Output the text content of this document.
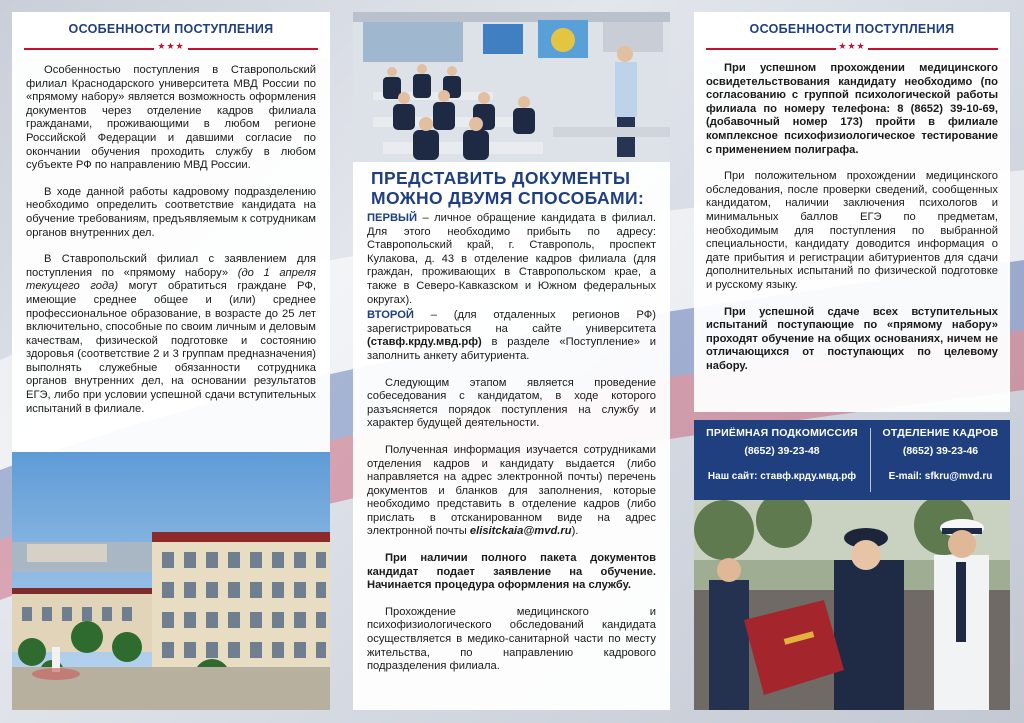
ОСОБЕННОСТИ ПОСТУПЛЕНИЯ
★★★

Особенностью поступления в Ставропольский филиал Краснодарского университета МВД России по «прямому набору» является возможность оформления документов через отделение кадров филиала гражданами, проживающими в любом регионе Российской Федерации и давшими согласие по окончании обучения проходить службу в любом субъекте РФ по направлению МВД России.

В ходе данной работы кадровому подразделению необходимо определить соответствие кандидата на обучение требованиям, предъявляемым к сотрудникам органов внутренних дел.

В Ставропольский филиал с заявлением для поступления по «прямому набору» (до 1 апреля текущего года) могут обратиться граждане РФ, имеющие среднее общее и (или) среднее профессиональное образование, в возрасте до 25 лет включительно, способные по своим личным и деловым качествам, физической подготовке и состоянию здоровья (соответствие 2 и 3 группам предназначения) выполнять служебные обязанности сотрудника органов внутренних дел, на основании результатов ЕГЭ, либо при условии успешной сдачи вступительных испытаний в филиале.

ПРЕДСТАВИТЬ ДОКУМЕНТЫ
МОЖНО ДВУМЯ СПОСОБАМИ:

ПЕРВЫЙ – личное обращение кандидата в филиал. Для этого необходимо прибыть по адресу: Ставропольский край, г. Ставрополь, проспект Кулакова, д. 43 в отделение кадров филиала (для граждан, проживающих в Ставропольском крае, а также в Северо-Кавказском и Южном федеральных округах).

ВТОРОЙ – (для отдаленных регионов РФ) зарегистрироваться на сайте университета (ставф.крду.мвд.рф) в разделе «Поступление» и заполнить анкету абитуриента.

Следующим этапом является проведение собеседования с кандидатом, в ходе которого разъясняется порядок поступления на службу и характер будущей деятельности.

Полученная информация изучается сотрудниками отделения кадров и кандидату выдается (либо направляется на адрес электронной почты) перечень документов и бланков для заполнения, которые необходимо представить в отделение кадров (либо прислать в отсканированном виде на адрес электронной почты elisitckaia@mvd.ru).

При наличии полного пакета документов кандидат подает заявление на обучение. Начинается процедура оформления на службу.

Прохождение медицинского и психофизиологического обследований кандидата осуществляется в медико-санитарной части по месту жительства, по направлению кадрового подразделения филиала.

ОСОБЕННОСТИ ПОСТУПЛЕНИЯ
★★★

При успешном прохождении медицинского освидетельствования кандидату необходимо (по согласованию с группой психологической работы филиала по номеру телефона: 8 (8652) 39-10-69, (добавочный номер 173) пройти в филиале комплексное психофизиологическое тестирование с применением полиграфа.

При положительном прохождении медицинского обследования, после проверки сведений, сообщенных кандидатом, наличии заключения психологов и минимальных баллов ЕГЭ по предметам, необходимым для поступления по выбранной специальности, кандидату доводится информация о дате прибытия и регистрации абитуриентов для сдачи дополнительных испытаний по физической подготовке и русскому языку.

При успешной сдаче всех вступительных испытаний поступающие по «прямому набору» проходят обучение на общих основаниях, ничем не отличающихся от поступающих по целевому набору.

ПРИЁМНАЯ ПОДКОМИССИЯ
(8652) 39-23-48
Наш сайт: ставф.крду.мвд.рф
ОТДЕЛЕНИЕ КАДРОВ
(8652) 39-23-46
E-mail: sfkru@mvd.ru
